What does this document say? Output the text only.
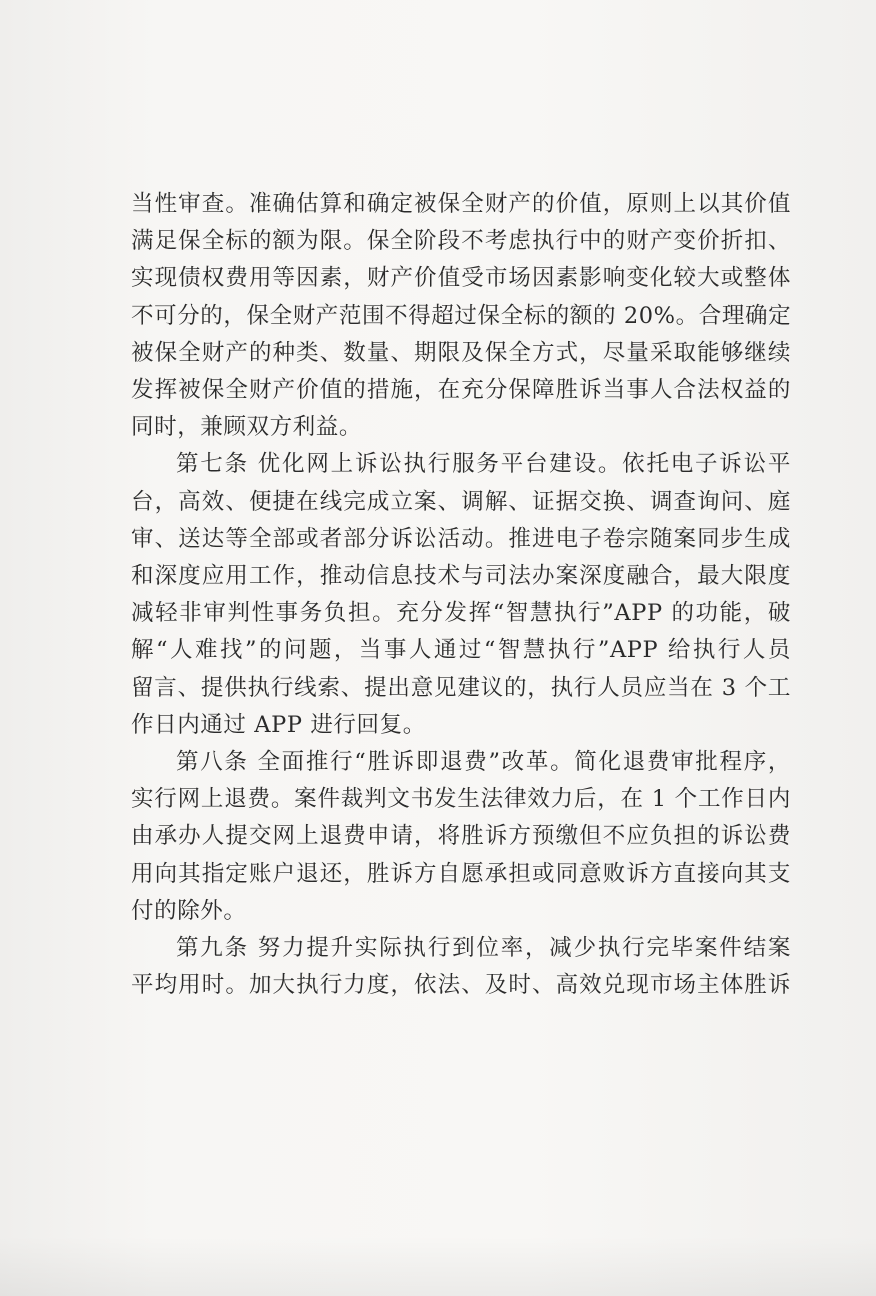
当性审查。准确估算和确定被保全财产的价值，原则上以其价值
满足保全标的额为限。保全阶段不考虑执行中的财产变价折扣、
实现债权费用等因素，财产价值受市场因素影响变化较大或整体
不可分的，保全财产范围不得超过保全标的额的 20%。合理确定
被保全财产的种类、数量、期限及保全方式，尽量采取能够继续
发挥被保全财产价值的措施，在充分保障胜诉当事人合法权益的
同时，兼顾双方利益。

第七条 优化网上诉讼执行服务平台建设。依托电子诉讼平
台，高效、便捷在线完成立案、调解、证据交换、调查询问、庭
审、送达等全部或者部分诉讼活动。推进电子卷宗随案同步生成
和深度应用工作，推动信息技术与司法办案深度融合，最大限度
减轻非审判性事务负担。充分发挥“智慧执行”APP 的功能，破
解“人难找”的问题，当事人通过“智慧执行”APP 给执行人员
留言、提供执行线索、提出意见建议的，执行人员应当在 3 个工
作日内通过 APP 进行回复。

第八条 全面推行“胜诉即退费”改革。简化退费审批程序，
实行网上退费。案件裁判文书发生法律效力后，在 1 个工作日内
由承办人提交网上退费申请，将胜诉方预缴但不应负担的诉讼费
用向其指定账户退还，胜诉方自愿承担或同意败诉方直接向其支
付的除外。

第九条 努力提升实际执行到位率，减少执行完毕案件结案
平均用时。加大执行力度，依法、及时、高效兑现市场主体胜诉
